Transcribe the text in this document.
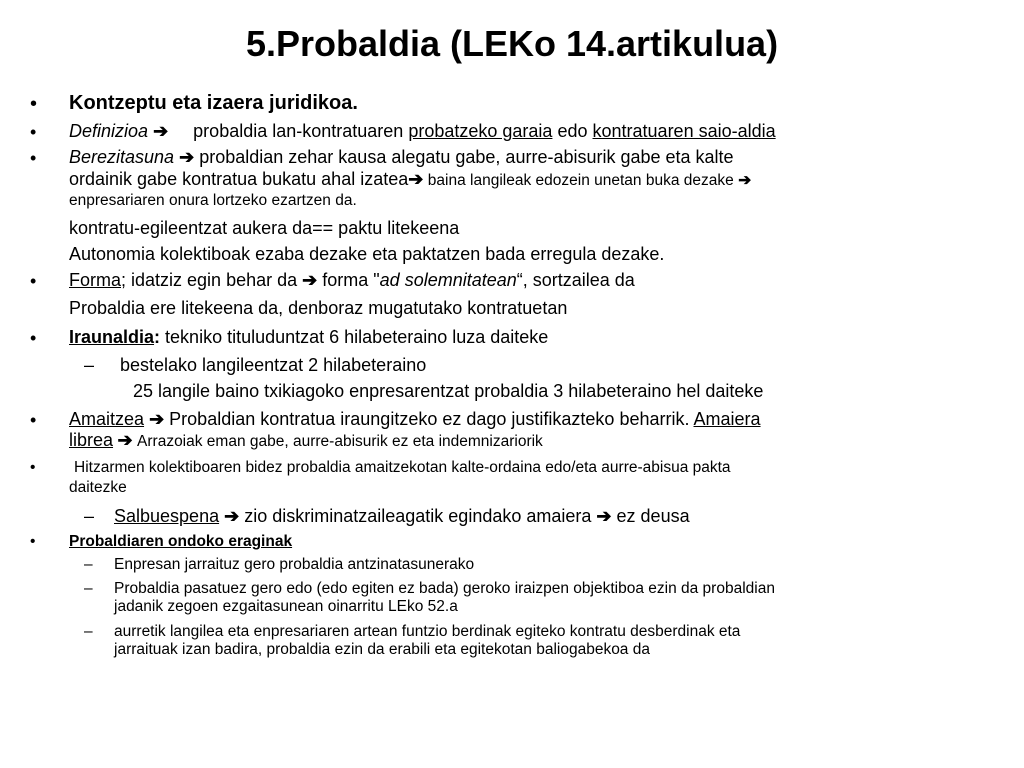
5.Probaldia (LEKo 14.artikulua)
• Kontzeptu eta izaera juridikoa.
• Definizioa ➔ probaldia lan-kontratuaren probatzeko garaia edo kontratuaren saio-aldia
• Berezitasuna ➔ probaldian zehar kausa alegatu gabe, aurre-abisurik gabe eta kalte
ordainik gabe kontratua bukatu ahal izatea➔ baina langileak edozein unetan buka dezake ➔
enpresariaren onura lortzeko ezartzen da.
kontratu-egileentzat aukera da== paktu litekeena
Autonomia kolektiboak ezaba dezake eta paktatzen bada erregula dezake.
• Forma; idatziz egin behar da ➔ forma "ad solemnitatean“, sortzailea da
Probaldia ere litekeena da, denboraz mugatutako kontratuetan
• Iraunaldia: tekniko tituluduntzat 6 hilabeteraino luza daiteke
– bestelako langileentzat 2 hilabeteraino
25 langile baino txikiagoko enpresarentzat probaldia 3 hilabeteraino hel daiteke
• Amaitzea ➔ Probaldian kontratua iraungitzeko ez dago justifikazteko beharrik. Amaiera
librea ➔ Arrazoiak eman gabe, aurre-abisurik ez eta indemnizariorik
• Hitzarmen kolektiboaren bidez probaldia amaitzekotan kalte-ordaina edo/eta aurre-abisua pakta
daitezke
– Salbuespena ➔ zio diskriminatzaileagatik egindako amaiera ➔ ez deusa
• Probaldiaren ondoko eraginak
– Enpresan jarraituz gero probaldia antzinatasunerako
– Probaldia pasatuez gero edo (edo egiten ez bada) geroko iraizpen objektiboa ezin da probaldian
jadanik zegoen ezgaitasunean oinarritu LEko 52.a
– aurretik langilea eta enpresariaren artean funtzio berdinak egiteko kontratu desberdinak eta
jarraituak izan badira, probaldia ezin da erabili eta egitekotan baliogabekoa da
